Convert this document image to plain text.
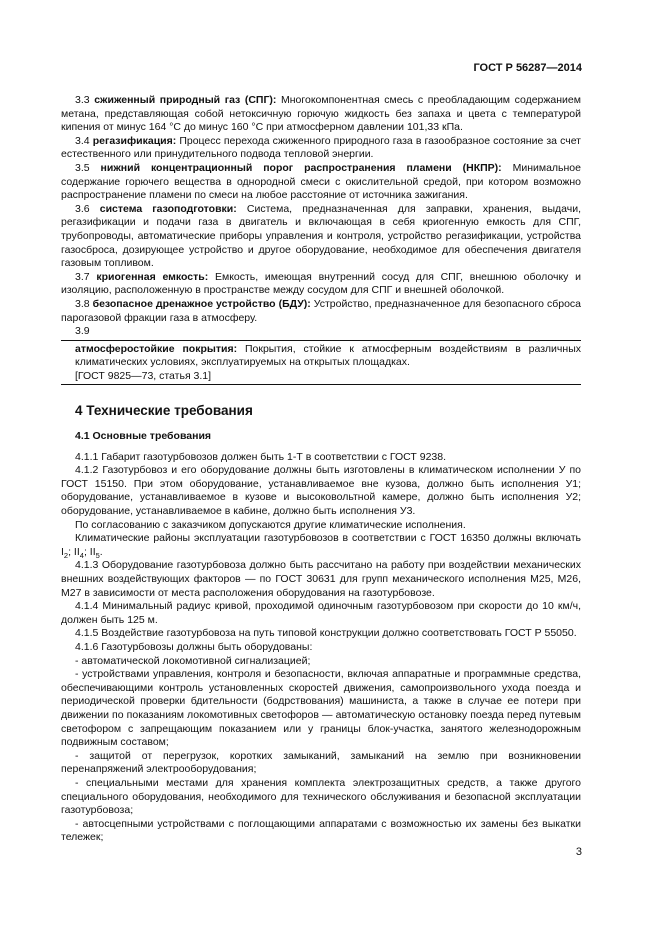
ГОСТ Р 56287—2014

3.3 сжиженный природный газ (СПГ): Многокомпонентная смесь с преобладающим содержанием метана, представляющая собой нетоксичную горючую жидкость без запаха и цвета с температурой кипения от минус 164 °C до минус 160 °C при атмосферном давлении 101,33 кПа.

3.4 регазификация: Процесс перехода сжиженного природного газа в газообразное состояние за счет естественного или принудительного подвода тепловой энергии.

3.5 нижний концентрационный порог распространения пламени (НКПР): Минимальное содержание горючего вещества в однородной смеси с окислительной средой, при котором возможно распространение пламени по смеси на любое расстояние от источника зажигания.

3.6 система газоподготовки: Система, предназначенная для заправки, хранения, выдачи, регазификации и подачи газа в двигатель и включающая в себя криогенную емкость для СПГ, трубопроводы, автоматические приборы управления и контроля, устройство регазификации, устройства газосброса, дозирующее устройство и другое оборудование, необходимое для обеспечения двигателя газовым топливом.

3.7 криогенная емкость: Емкость, имеющая внутренний сосуд для СПГ, внешнюю оболочку и изоляцию, расположенную в пространстве между сосудом для СПГ и внешней оболочкой.

3.8 безопасное дренажное устройство (БДУ): Устройство, предназначенное для безопасного сброса парогазовой фракции газа в атмосферу.

3.9

атмосферостойкие покрытия: Покрытия, стойкие к атмосферным воздействиям в различных климатических условиях, эксплуатируемых на открытых площадках.

[ГОСТ 9825—73, статья 3.1]

4 Технические требования
4.1 Основные требования

4.1.1 Габарит газотурбовозов должен быть 1-Т в соответствии с ГОСТ 9238.

4.1.2 Газотурбовоз и его оборудование должны быть изготовлены в климатическом исполнении У по ГОСТ 15150. При этом оборудование, устанавливаемое вне кузова, должно быть исполнения У1; оборудование, устанавливаемое в кузове и высоковольтной камере, должно быть исполнения У2; оборудование, устанавливаемое в кабине, должно быть исполнения У3.

По согласованию с заказчиком допускаются другие климатические исполнения.

Климатические районы эксплуатации газотурбовозов в соответствии с ГОСТ 16350 должны включать $I_2$; $II_4$; $II_5$.

4.1.3 Оборудование газотурбовоза должно быть рассчитано на работу при воздействии механических внешних воздействующих факторов — по ГОСТ 30631 для групп механического исполнения М25, М26, М27 в зависимости от места расположения оборудования на газотурбовозе.

4.1.4 Минимальный радиус кривой, проходимой одиночным газотурбовозом при скорости до 10 км/ч, должен быть 125 м.

4.1.5 Воздействие газотурбовоза на путь типовой конструкции должно соответствовать ГОСТ Р 55050.

4.1.6 Газотурбовозы должны быть оборудованы:

- автоматической локомотивной сигнализацией;

- устройствами управления, контроля и безопасности, включая аппаратные и программные средства, обеспечивающими контроль установленных скоростей движения, самопроизвольного ухода поезда и периодической проверки бдительности (бодрствования) машиниста, а также в случае ее потери при движении по показаниям локомотивных светофоров — автоматическую остановку поезда перед путевым светофором с запрещающим показанием или у границы блок-участка, занятого железнодорожным подвижным составом;

- защитой от перегрузок, коротких замыканий, замыканий на землю при возникновении перенапряжений электрооборудования;

- специальными местами для хранения комплекта электрозащитных средств, а также другого специального оборудования, необходимого для технического обслуживания и безопасной эксплуатации газотурбовоза;

- автосцепными устройствами с поглощающими аппаратами с возможностью их замены без выкатки тележек;

3
